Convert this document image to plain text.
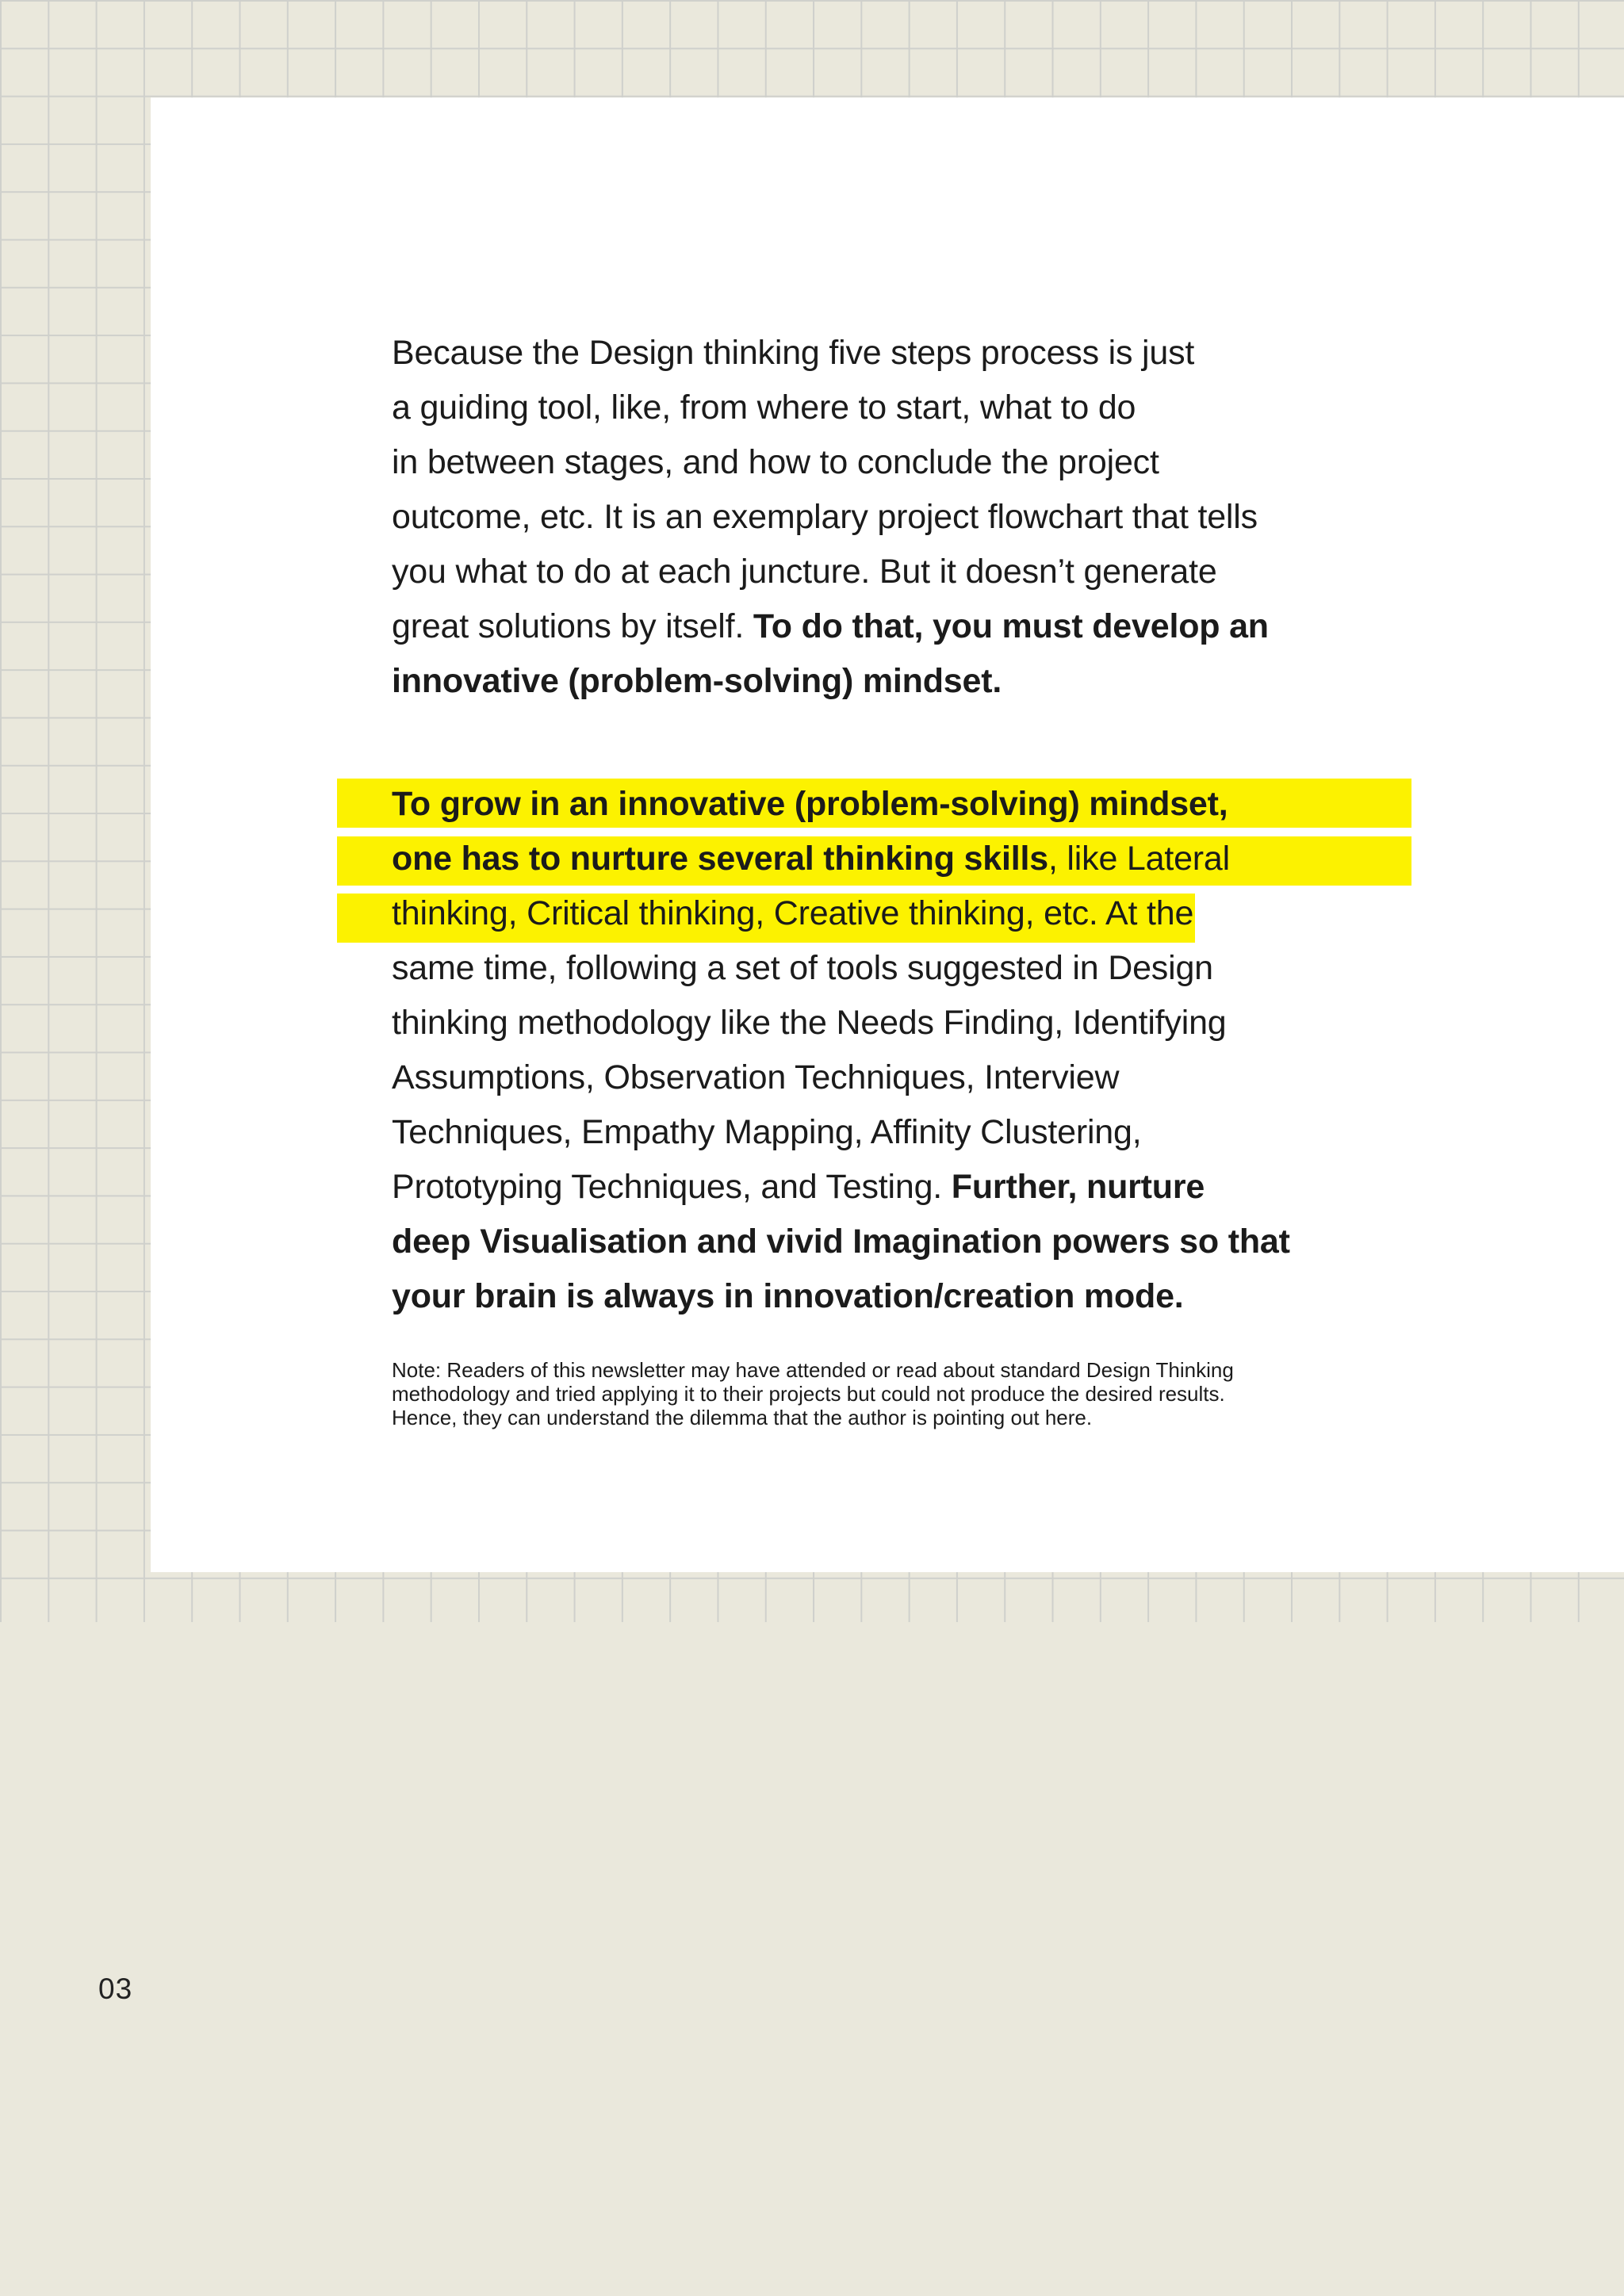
Because the Design thinking five steps process is just
a guiding tool, like, from where to start, what to do
in between stages, and how to conclude the project
outcome, etc. It is an exemplary project flowchart that tells
you what to do at each juncture. But it doesn’t generate
great solutions by itself. To do that, you must develop an
innovative (problem-solving) mindset.
To grow in an innovative (problem-solving) mindset,
one has to nurture several thinking skills, like Lateral
thinking, Critical thinking, Creative thinking, etc. At the
same time, following a set of tools suggested in Design
thinking methodology like the Needs Finding, Identifying
Assumptions, Observation Techniques, Interview
Techniques, Empathy Mapping, Affinity Clustering,
Prototyping Techniques, and Testing. Further, nurture
deep Visualisation and vivid Imagination powers so that
your brain is always in innovation/creation mode.
Note: Readers of this newsletter may have attended or read about standard Design Thinking
methodology and tried applying it to their projects but could not produce the desired results.
Hence, they can understand the dilemma that the author is pointing out here.
03
